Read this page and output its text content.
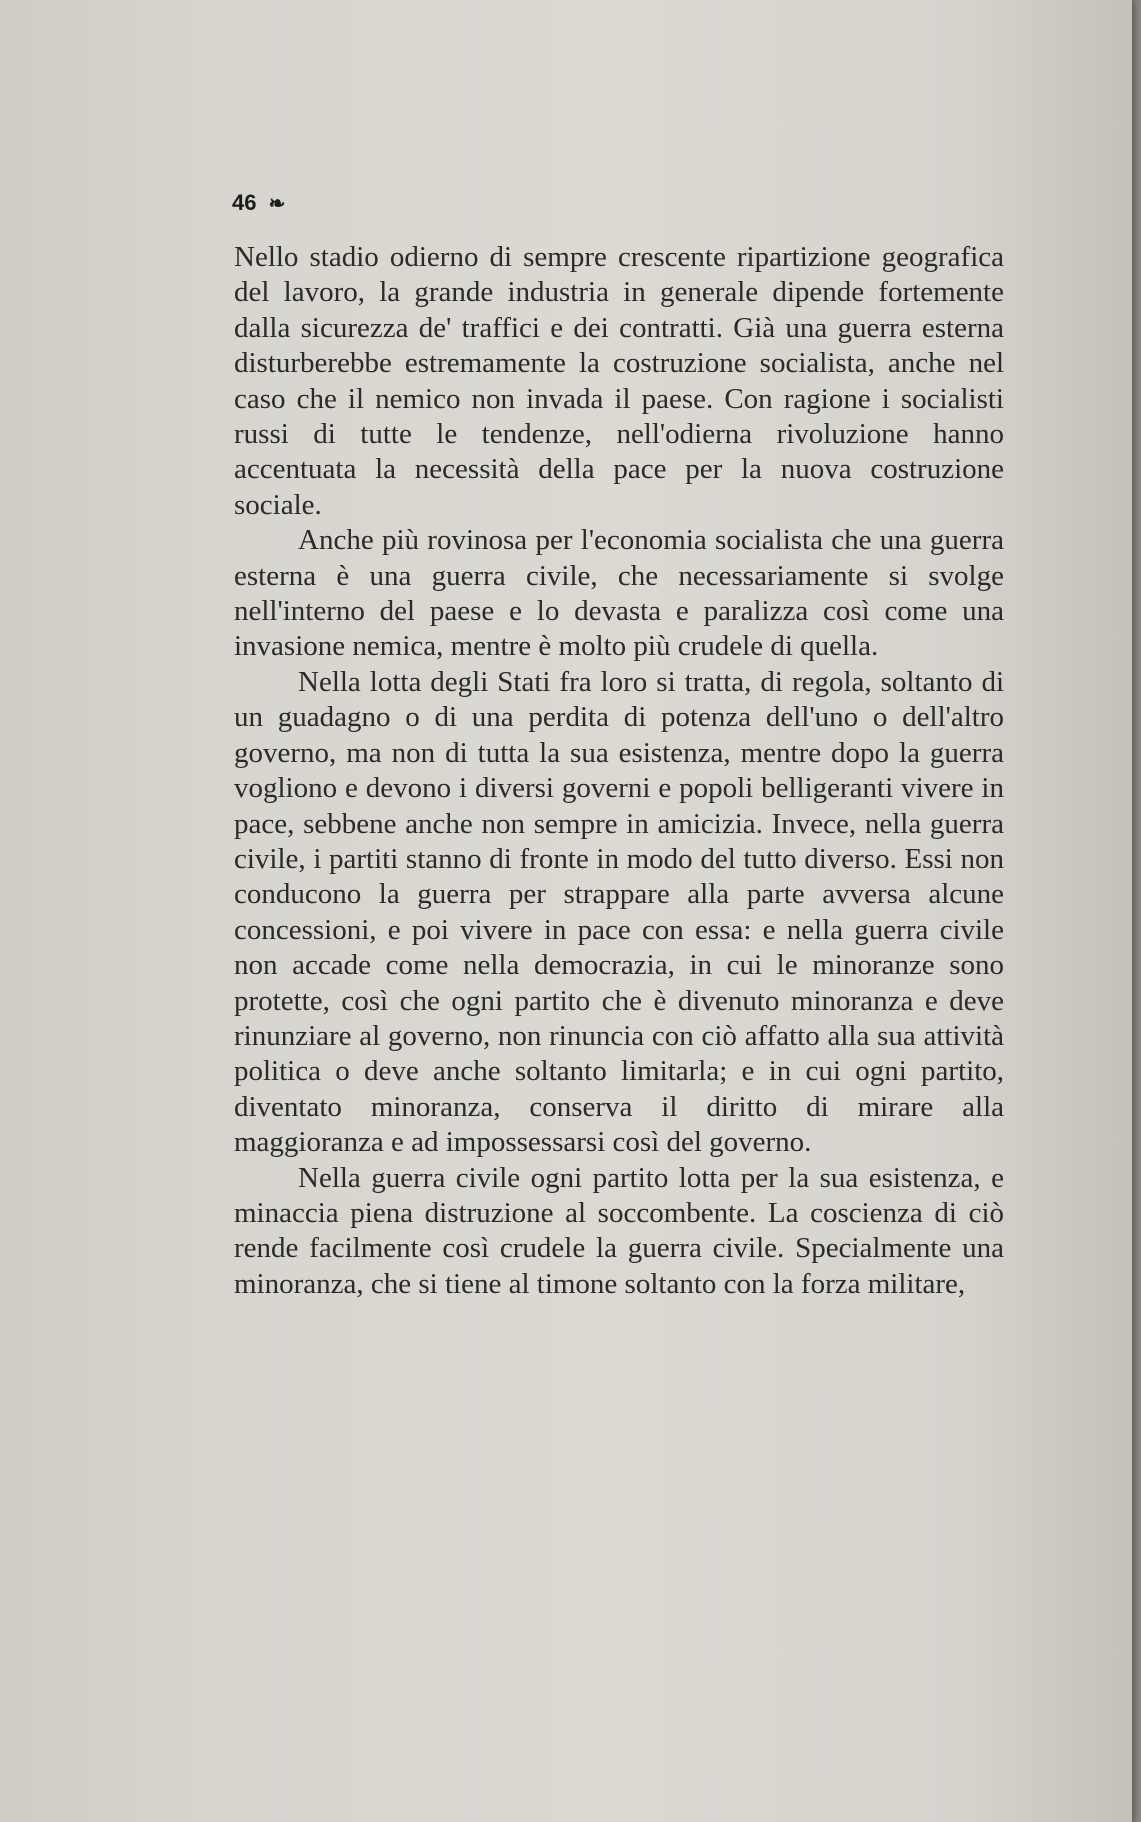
46 ❧

Nello stadio odierno di sempre crescente ripartizione geografica del lavoro, la grande industria in generale dipende fortemente dalla sicurezza de' traffici e dei contratti. Già una guerra esterna disturberebbe estremamente la costruzione socialista, anche nel caso che il nemico non invada il paese. Con ragione i socialisti russi di tutte le tendenze, nell'odierna rivoluzione hanno accentuata la necessità della pace per la nuova costruzione sociale.

Anche più rovinosa per l'economia socialista che una guerra esterna è una guerra civile, che necessariamente si svolge nell'interno del paese e lo devasta e paralizza così come una invasione nemica, mentre è molto più crudele di quella.

Nella lotta degli Stati fra loro si tratta, di regola, soltanto di un guadagno o di una perdita di potenza dell'uno o dell'altro governo, ma non di tutta la sua esistenza, mentre dopo la guerra vogliono e devono i diversi governi e popoli belligeranti vivere in pace, sebbene anche non sempre in amicizia. Invece, nella guerra civile, i partiti stanno di fronte in modo del tutto diverso. Essi non conducono la guerra per strappare alla parte avversa alcune concessioni, e poi vivere in pace con essa: e nella guerra civile non accade come nella democrazia, in cui le minoranze sono protette, così che ogni partito che è divenuto minoranza e deve rinunziare al governo, non rinuncia con ciò affatto alla sua attività politica o deve anche soltanto limitarla; e in cui ogni partito, diventato minoranza, conserva il diritto di mirare alla maggioranza e ad impossessarsi così del governo.

Nella guerra civile ogni partito lotta per la sua esistenza, e minaccia piena distruzione al soccombente. La coscienza di ciò rende facilmente così crudele la guerra civile. Specialmente una minoranza, che si tiene al timone soltanto con la forza militare,
